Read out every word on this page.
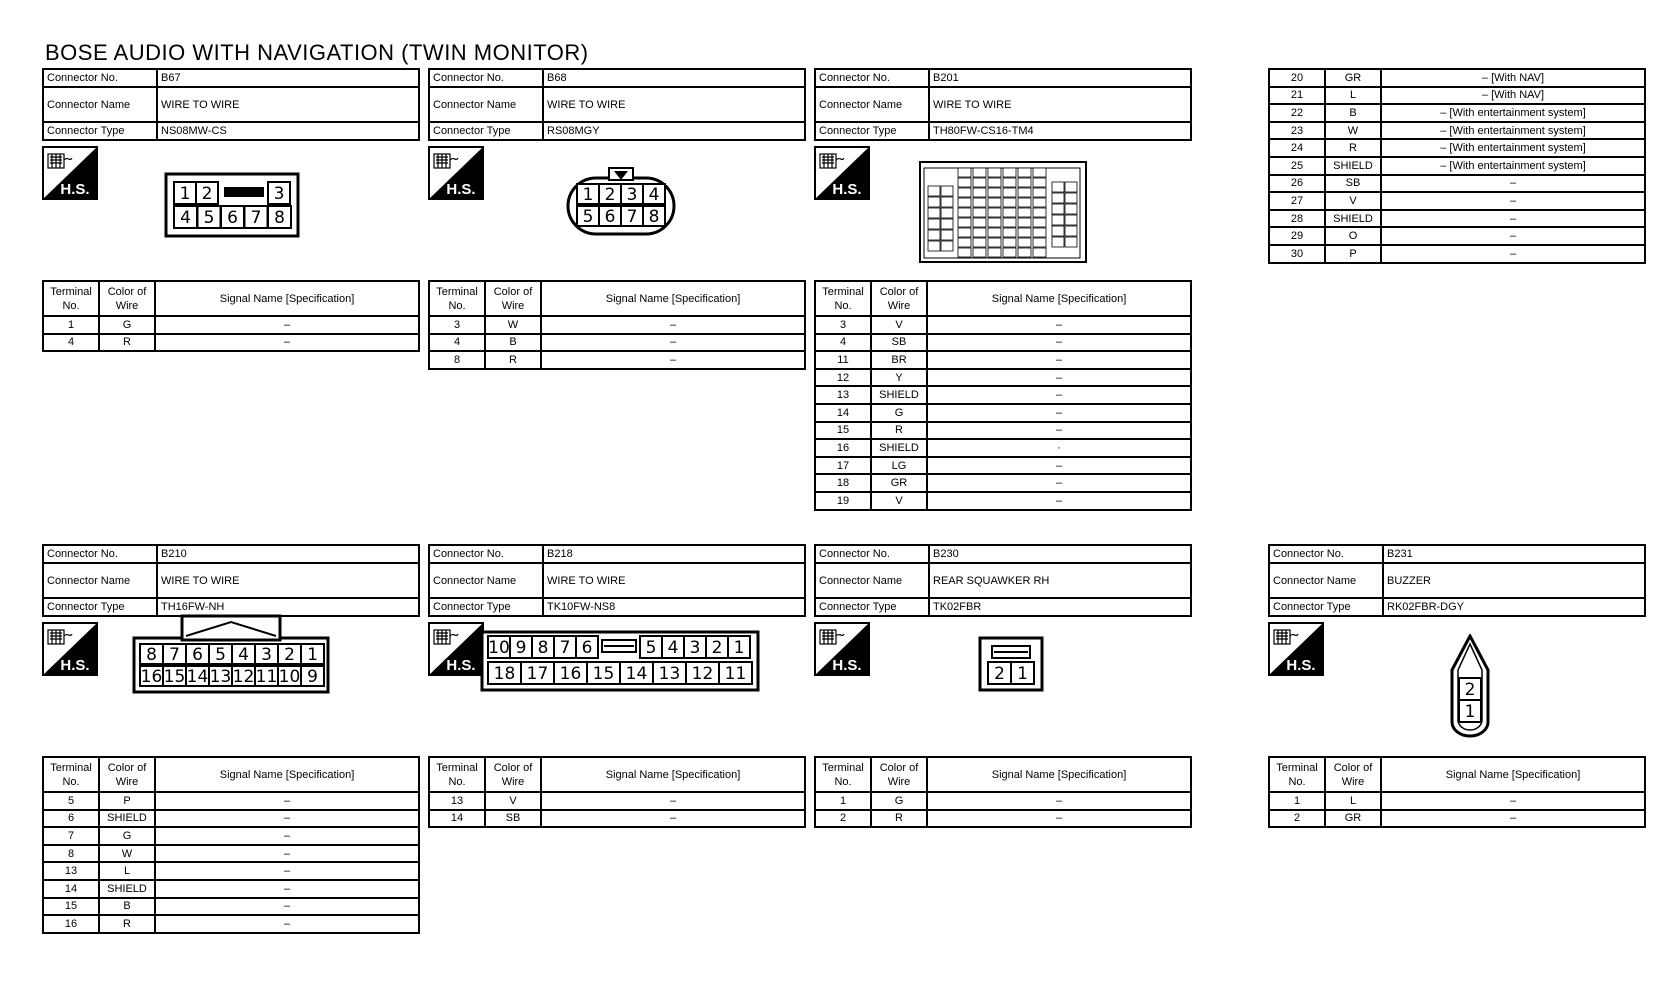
BOSE AUDIO WITH NAVIGATION (TWIN MONITOR)
Connector No.	B67
Connector Name	WIRE TO WIRE
Connector Type	NS08MW-CS
H.S.	1 2	3
4 5 6 7 8
Terminal No.	Color of Wire	Signal Name [Specification]
1	G	–
4	R	–
Connector No.	B68
Connector Name	WIRE TO WIRE
Connector Type	RS08MGY
H.S.	1 2 3 4
5 6 7 8
Terminal No.	Color of Wire	Signal Name [Specification]
3	W	–
4	B	–
8	R	–
Connector No.	B201
Connector Name	WIRE TO WIRE
Connector Type	TH80FW-CS16-TM4
H.S.
Terminal No.	Color of Wire	Signal Name [Specification]
3	V	–
4	SB	–
11	BR	–
12	Y	–
13	SHIELD	–
14	G	–
15	R	–
16	SHIELD	·
17	LG	–
18	GR	–
19	V	–
Connector No.	B210
Connector Name	WIRE TO WIRE
Connector Type	TH16FW-NH
H.S.
8 7 6 5 4 3 2 1
16 15 14 13 12 11 10 9
Terminal No.	Color of Wire	Signal Name [Specification]
5	P	–
6	SHIELD	–
7	G	–
8	W	–
13	L	–
14	SHIELD	–
15	B	–
16	R	–
Connector No.	B218
Connector Name	WIRE TO WIRE
Connector Type	TK10FW-NS8
H.S.
10 9 8 7 6	5 4 3 2 1
18 17 16 15 14 13 12 11
Terminal No.	Color of Wire	Signal Name [Specification]
13	V	–
14	SB	–
Connector No.	B230
Connector Name	REAR SQUAWKER RH
Connector Type	TK02FBR
H.S.	2 1
Terminal No.	Color of Wire	Signal Name [Specification]
1	G	–
2	R	–
Connector No.	B231
Connector Name	BUZZER
Connector Type	RK02FBR-DGY
H.S.
2
1
Terminal No.	Color of Wire	Signal Name [Specification]
1	L	–
2	GR	–
20	GR	– [With NAV]
21	L	– [With NAV]
22	B	– [With entertainment system]
23	W	– [With entertainment system]
24	R	– [With entertainment system]
25	SHIELD	– [With entertainment system]
26	SB	–
27	V	–
28	SHIELD	–
29	O	–
30	P	–
